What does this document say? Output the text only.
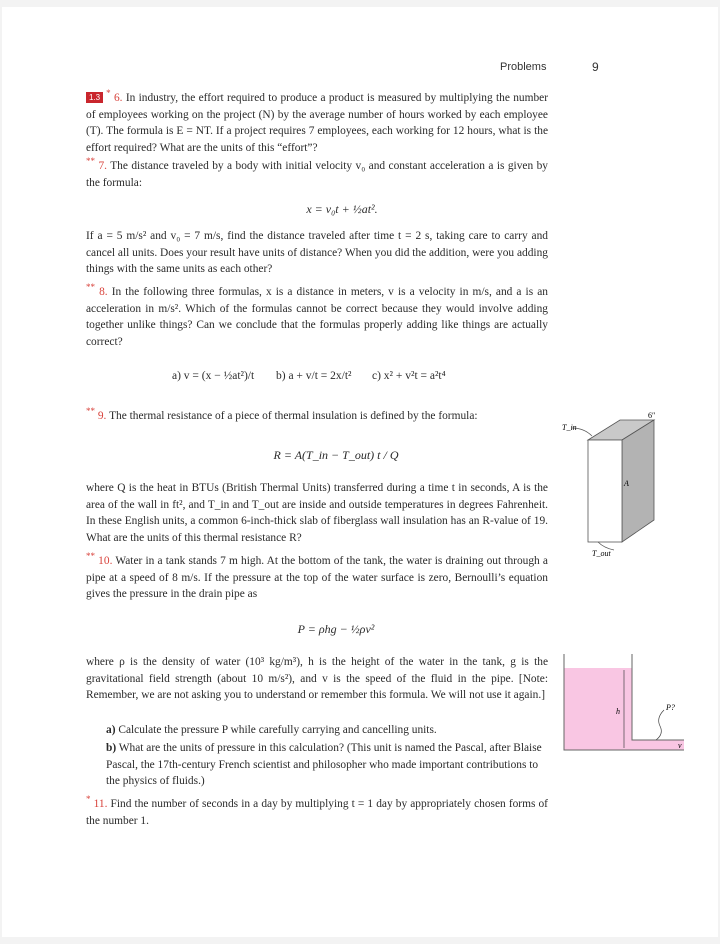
Problems	9
1.3 * 6. In industry, the effort required to produce a product is measured by multiplying the number of employees working on the project (N) by the average number of hours worked by each employee (T). The formula is E = NT. If a project requires 7 employees, each working for 12 hours, what is the effort required? What are the units of this “effort”?
** 7. The distance traveled by a body with initial velocity v₀ and constant acceleration a is given by the formula:
x = v₀t + ½at².
If a = 5 m/s² and v₀ = 7 m/s, find the distance traveled after time t = 2 s, taking care to carry and cancel all units. Does your result have units of distance? When you did the addition, were you adding things with the same units as each other?
** 8. In the following three formulas, x is a distance in meters, v is a velocity in m/s, and a is an acceleration in m/s². Which of the formulas cannot be correct because they would involve adding together unlike things? Can we conclude that the formulas properly adding like things are actually correct?
a) v = (x − ½at²)/t b) a + v/t = 2x/t² c) x² + v²t = a²t⁴
** 9. The thermal resistance of a piece of thermal insulation is defined by the formula:
R = A(T_in − T_out) t / Q
where Q is the heat in BTUs (British Thermal Units) transferred during a time t in seconds, A is the area of the wall in ft², and T_in and T_out are inside and outside temperatures in degrees Fahrenheit. In these English units, a common 6-inch-thick slab of fiberglass wall insulation has an R-value of 19. What are the units of this thermal resistance R?
T_in
T_out
A
6″
** 10. Water in a tank stands 7 m high. At the bottom of the tank, the water is draining out through a pipe at a speed of 8 m/s. If the pressure at the top of the water surface is zero, Bernoulli’s equation gives the pressure in the drain pipe as
P = ρhg − ½ρv²
where ρ is the density of water (10³ kg/m³), h is the height of the water in the tank, g is the gravitational field strength (about 10 m/s²), and v is the speed of the fluid in the pipe. [Note: Remember, we are not asking you to understand or remember this formula. We will not use it again.]
a) Calculate the pressure P while carefully carrying and cancelling units.
b) What are the units of pressure in this calculation? (This unit is named the Pascal, after Blaise Pascal, the 17th-century French scientist and philosopher who made important contributions to the physics of fluids.)
h	P?
v
* 11. Find the number of seconds in a day by multiplying t = 1 day by appropriately chosen forms of the number 1.
